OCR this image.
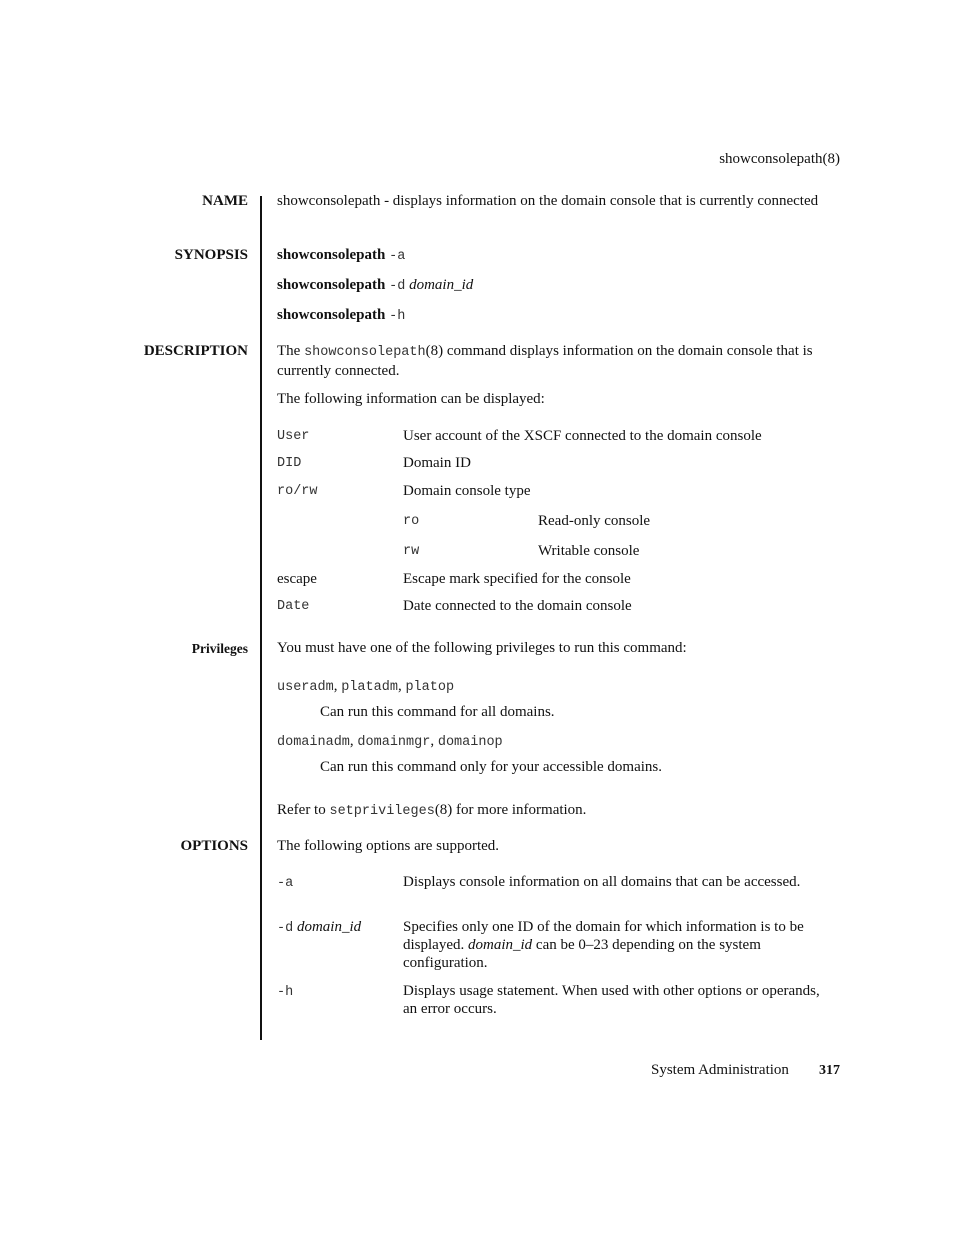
showconsolepath(8)
NAME showconsolepath - displays information on the domain console that is currently connected
SYNOPSIS showconsolepath -a
showconsolepath -d domain_id
showconsolepath -h
DESCRIPTION The showconsolepath(8) command displays information on the domain console that is currently connected.
The following information can be displayed:
User	User account of the XSCF connected to the domain console
DID	Domain ID
ro/rw	Domain console type
ro	Read-only console
rw	Writable console
escape	Escape mark specified for the console
Date	Date connected to the domain console
Privileges You must have one of the following privileges to run this command:
useradm, platadm, platop
Can run this command for all domains.
domainadm, domainmgr, domainop
Can run this command only for your accessible domains.
Refer to setprivileges(8) for more information.
OPTIONS The following options are supported.
-a	Displays console information on all domains that can be accessed.
-d domain_id	Specifies only one ID of the domain for which information is to be displayed. domain_id can be 0–23 depending on the system configuration.
-h	Displays usage statement. When used with other options or operands, an error occurs.
System Administration 317
